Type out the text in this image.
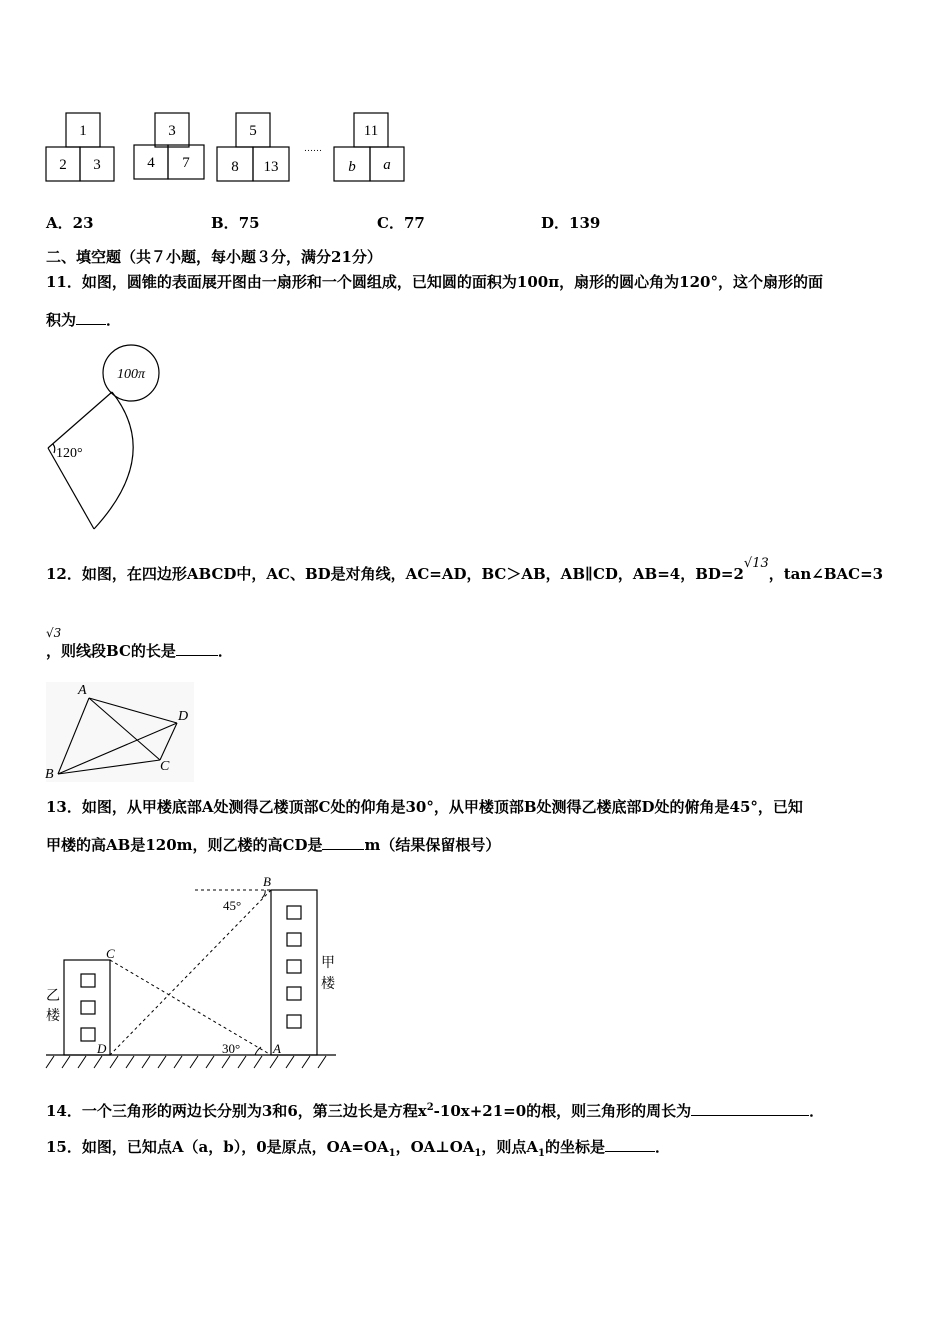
1
2 3
3
4 7
5
8 13
11
b a
……
A．23	B．75	C．77	D．139
二、填空题（共７小题，每小题３分，满分21分）
11．如图，圆锥的表面展开图由一扇形和一个圆组成，已知圆的面积为100π，扇形的圆心角为120°，这个扇形的面
积为 ．
100π
120°
12．如图，在四边形ABCD中，AC、BD是对角线，AC=AD，BC＞AB，AB∥CD，AB=4，BD=2√13，tan∠BAC=3
√3
，则线段BC的长是	．
A
D
C
B
13．如图，从甲楼底部A处测得乙楼顶部C处的仰角是30°，从甲楼顶部B处测得乙楼底部D处的俯角是45°，已知
甲楼的高AB是120m，则乙楼的高CD是	m（结果保留根号）
B
C
D	A
45°
30°
甲
楼
乙
楼
14．一个三角形的两边长分别为3和6，第三边长是方程$x^2-10x+21=0$的根，则三角形的周长为	．
15．如图，已知点A（a，b），0是原点，$OA=OA_1$，$OA\perp OA_1$，则点$A_1$的坐标是	．
